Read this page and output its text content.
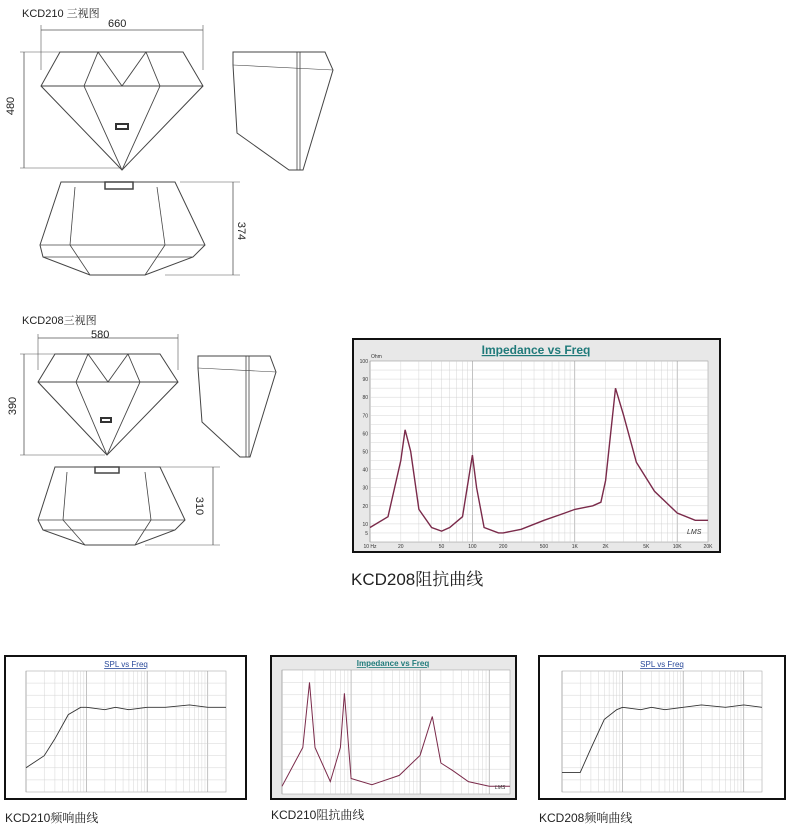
KCD210 三视图
660
480
374
KCD208三视图
580
390
310
Impedance vs Freq
Ohm
100
90
80
70
60
50
40
30
20
10
5
10 Hz	20	50	100	200	500	1K	2K	5K	10K	20K
LMS
KCD208阻抗曲线
SPL vs Freq
KCD210频响曲线
Impedance vs Freq
LMS
KCD210阻抗曲线
SPL vs Freq
KCD208频响曲线
